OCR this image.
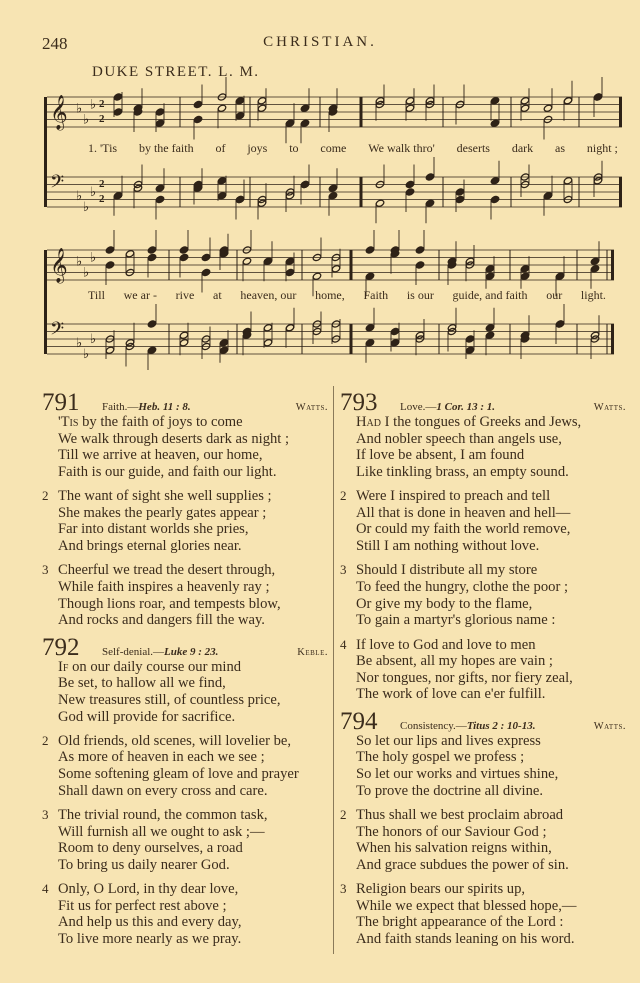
248	CHRISTIAN.
DUKE STREET. L. M.
𝄞 ♭
♭
♭ 2
2
𝄢 ♭
♭
♭
2
2
𝄞 ♭
♭
♭
𝄢 ♭
♭
♭
1. 'Tis by the faith of joys to come We walk thro' deserts dark as night ;
Till we ar - rive at heaven, our home, Faith is our guide, and faith our light.
791	Faith.—Heb. 11 : 8.	Watts.
'Tis by the faith of joys to come
We walk through deserts dark as night ;
Till we arrive at heaven, our home,
Faith is our guide, and faith our light.
2 The want of sight she well supplies ;
She makes the pearly gates appear ;
Far into distant worlds she pries,
And brings eternal glories near.
3 Cheerful we tread the desert through,
While faith inspires a heavenly ray ;
Though lions roar, and tempests blow,
And rocks and dangers fill the way.
792	Self-denial.—Luke 9 : 23.	Keble.
If on our daily course our mind
Be set, to hallow all we find,
New treasures still, of countless price,
God will provide for sacrifice.
2 Old friends, old scenes, will lovelier be,
As more of heaven in each we see ;
Some softening gleam of love and prayer
Shall dawn on every cross and care.
3 The trivial round, the common task,
Will furnish all we ought to ask ;—
Room to deny ourselves, a road
To bring us daily nearer God.
4 Only, O Lord, in thy dear love,
Fit us for perfect rest above ;
And help us this and every day,
To live more nearly as we pray.
793	Love.—1 Cor. 13 : 1.	Watts.
Had I the tongues of Greeks and Jews,
And nobler speech than angels use,
If love be absent, I am found
Like tinkling brass, an empty sound.
2 Were I inspired to preach and tell
All that is done in heaven and hell—
Or could my faith the world remove,
Still I am nothing without love.
3 Should I distribute all my store
To feed the hungry, clothe the poor ;
Or give my body to the flame,
To gain a martyr's glorious name :
4 If love to God and love to men
Be absent, all my hopes are vain ;
Nor tongues, nor gifts, nor fiery zeal,
The work of love can e'er fulfill.
794	Consistency.—Titus 2 : 10-13.	Watts.
So let our lips and lives express
The holy gospel we profess ;
So let our works and virtues shine,
To prove the doctrine all divine.
2 Thus shall we best proclaim abroad
The honors of our Saviour God ;
When his salvation reigns within,
And grace subdues the power of sin.
3 Religion bears our spirits up,
While we expect that blessed hope,—
The bright appearance of the Lord :
And faith stands leaning on his word.
